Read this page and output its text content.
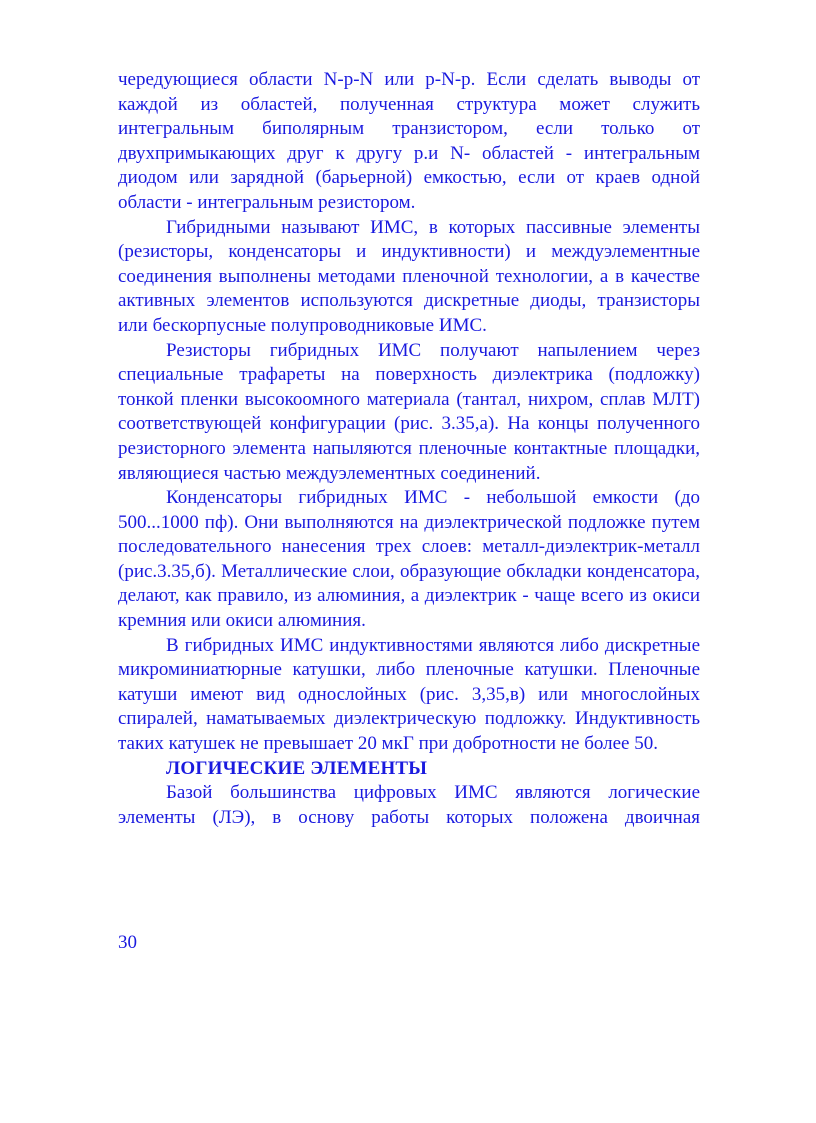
чередующиеся области N-p-N или p-N-p. Если сделать выводы от каждой из областей, полученная структура может служить интегральным биполярным транзистором, если только от двухпримыкающих друг к другу р.и N- областей - интегральным диодом или зарядной (барьерной) емкостью, если от краев одной области - интегральным резистором.

Гибридными называют ИМС, в которых пассивные элементы (резисторы, конденсаторы и индуктивности) и междуэлементные соединения выполнены методами пленочной технологии, а в качестве активных элементов используются дискретные диоды, транзисторы или бескорпусные полупроводниковые ИМС.

Резисторы гибридных ИМС получают напылением через специальные трафареты на поверхность диэлектрика (подложку) тонкой пленки высокоомного материала (тантал, нихром, сплав МЛТ) соответствующей конфигурации (рис. 3.35,а). На концы полученного резисторного элемента напыляются пленочные контактные площадки, являющиеся частью междуэлементных соединений.

Конденсаторы гибридных ИМС - небольшой емкости (до 500...1000 пф). Они выполняются на диэлектрической подложке путем последовательного нанесения трех слоев: металл-диэлектрик-металл (рис.3.35,б). Металлические слои, образующие обкладки конденсатора, делают, как правило, из алюминия, а диэлектрик - чаще всего из окиси кремния или окиси алюминия.

В гибридных ИМС индуктивностями являются либо дискретные микроминиатюрные катушки, либо пленочные катушки. Пленочные катуши имеют вид однослойных (рис. 3,35,в) или многослойных спиралей, наматываемых диэлектрическую подложку. Индуктивность таких катушек не превышает 20 мкГ при добротности не более 50.

ЛОГИЧЕСКИЕ ЭЛЕМЕНТЫ

Базой большинства цифровых ИМС являются логические элементы (ЛЭ), в основу работы которых положена двоичная

30
